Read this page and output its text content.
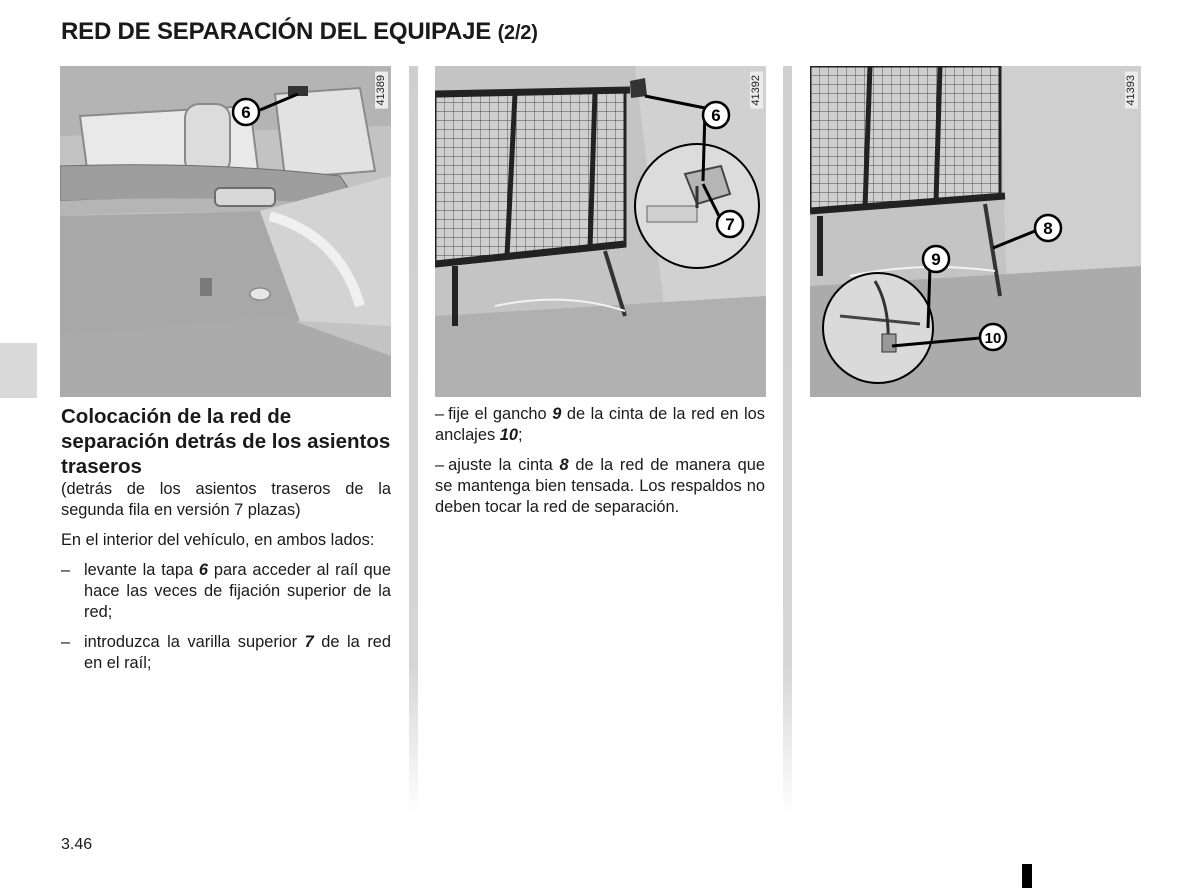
RED DE SEPARACIÓN DEL EQUIPAJE (2/2)
6
41389
6
7
41392
8
9
10
41393
Colocación de la red de separación detrás de los asientos traseros

(detrás de los asientos traseros de la segunda fila en versión 7 plazas)

En el interior del vehículo, en ambos lados:

– levante la tapa 6 para acceder al raíl que hace las veces de fijación superior de la red;

– introduzca la varilla superior 7 de la red en el raíl;

– fije el gancho 9 de la cinta de la red en los anclajes 10;

– ajuste la cinta 8 de la red de manera que se mantenga bien tensada. Los respaldos no deben tocar la red de separación.

3.46
